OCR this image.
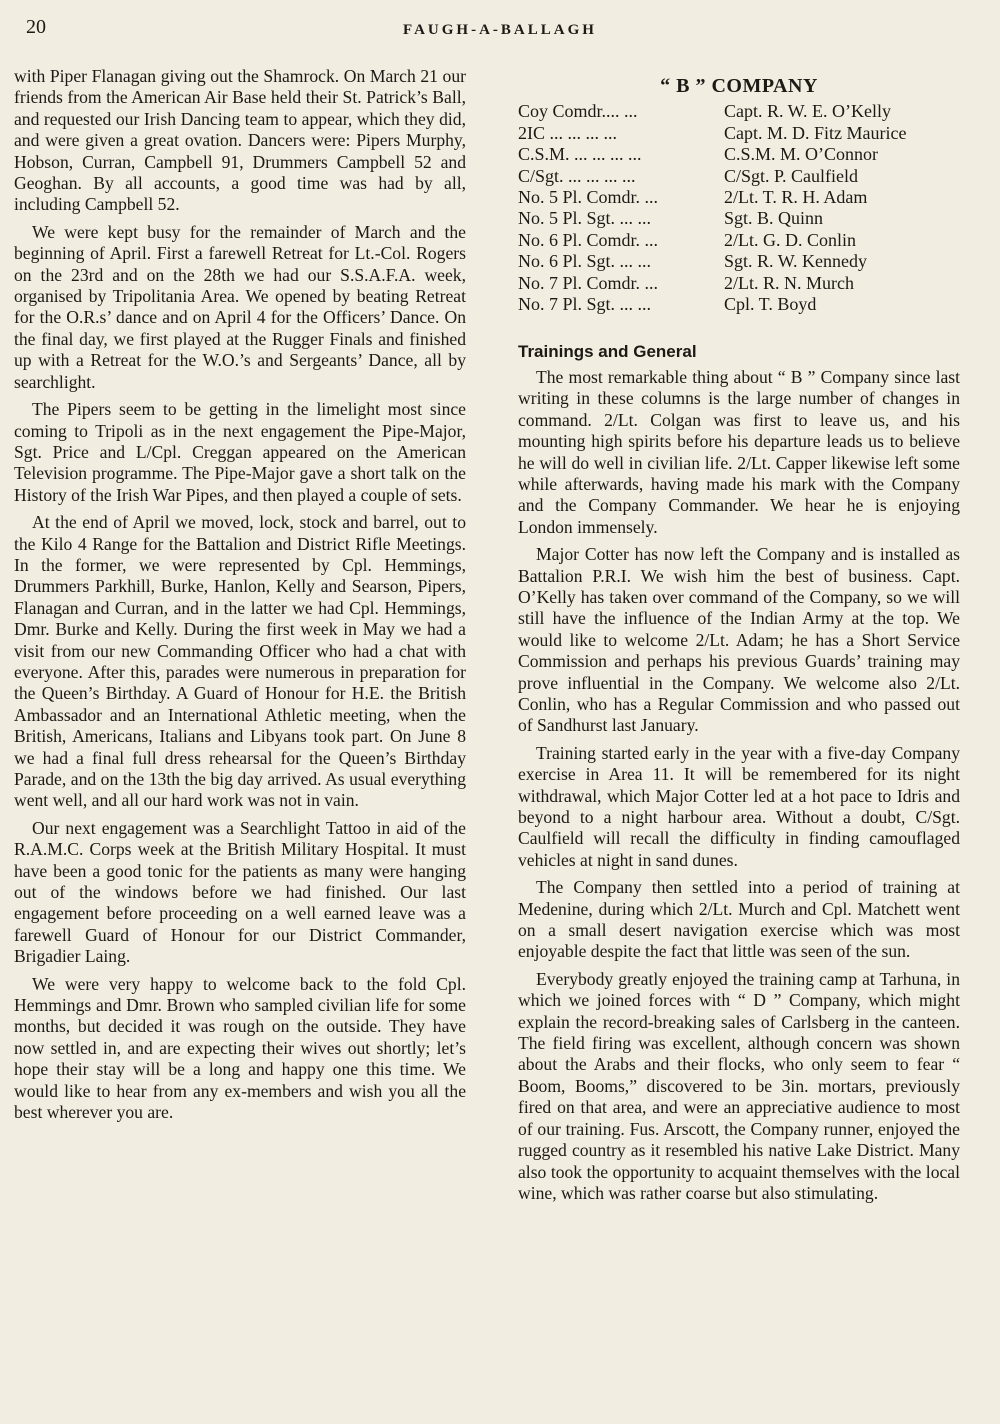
20	FAUGH-A-BALLAGH

with Piper Flanagan giving out the Shamrock. On March 21 our friends from the American Air Base held their St. Patrick’s Ball, and requested our Irish Dancing team to appear, which they did, and were given a great ovation. Dancers were: Pipers Murphy, Hobson, Curran, Campbell 91, Drummers Campbell 52 and Geoghan. By all accounts, a good time was had by all, including Campbell 52.

We were kept busy for the remainder of March and the beginning of April. First a farewell Retreat for Lt.-Col. Rogers on the 23rd and on the 28th we had our S.S.A.F.A. week, organised by Tripolitania Area. We opened by beating Retreat for the O.R.s’ dance and on April 4 for the Officers’ Dance. On the final day, we first played at the Rugger Finals and finished up with a Retreat for the W.O.’s and Sergeants’ Dance, all by searchlight.

The Pipers seem to be getting in the limelight most since coming to Tripoli as in the next engagement the Pipe-Major, Sgt. Price and L/Cpl. Creggan appeared on the American Television programme. The Pipe-Major gave a short talk on the History of the Irish War Pipes, and then played a couple of sets.

At the end of April we moved, lock, stock and barrel, out to the Kilo 4 Range for the Battalion and District Rifle Meetings. In the former, we were represented by Cpl. Hemmings, Drummers Parkhill, Burke, Hanlon, Kelly and Searson, Pipers, Flanagan and Curran, and in the latter we had Cpl. Hemmings, Dmr. Burke and Kelly. During the first week in May we had a visit from our new Commanding Officer who had a chat with everyone. After this, parades were numerous in preparation for the Queen’s Birthday. A Guard of Honour for H.E. the British Ambassador and an International Athletic meeting, when the British, Americans, Italians and Libyans took part. On June 8 we had a final full dress rehearsal for the Queen’s Birthday Parade, and on the 13th the big day arrived. As usual everything went well, and all our hard work was not in vain.

Our next engagement was a Searchlight Tattoo in aid of the R.A.M.C. Corps week at the British Military Hospital. It must have been a good tonic for the patients as many were hanging out of the windows before we had finished. Our last engagement before proceeding on a well earned leave was a farewell Guard of Honour for our District Commander, Brigadier Laing.

We were very happy to welcome back to the fold Cpl. Hemmings and Dmr. Brown who sampled civilian life for some months, but decided it was rough on the outside. They have now settled in, and are expecting their wives out shortly; let’s hope their stay will be a long and happy one this time. We would like to hear from any ex-members and wish you all the best wherever you are.

“ B ” COMPANY
Coy Comdr.... ...	Capt. R. W. E. O’Kelly
2IC ... ... ... ...	Capt. M. D. Fitz Maurice
C.S.M. ... ... ... ...	C.S.M. M. O’Connor
C/Sgt. ... ... ... ...	C/Sgt. P. Caulfield
No. 5 Pl. Comdr. ...	2/Lt. T. R. H. Adam
No. 5 Pl. Sgt. ... ...	Sgt. B. Quinn
No. 6 Pl. Comdr. ...	2/Lt. G. D. Conlin
No. 6 Pl. Sgt. ... ...	Sgt. R. W. Kennedy
No. 7 Pl. Comdr. ...	2/Lt. R. N. Murch
No. 7 Pl. Sgt. ... ...	Cpl. T. Boyd
Trainings and General

The most remarkable thing about “ B ” Company since last writing in these columns is the large number of changes in command. 2/Lt. Colgan was first to leave us, and his mounting high spirits before his departure leads us to believe he will do well in civilian life. 2/Lt. Capper likewise left some while afterwards, having made his mark with the Company and the Company Commander. We hear he is enjoying London immensely.

Major Cotter has now left the Company and is installed as Battalion P.R.I. We wish him the best of business. Capt. O’Kelly has taken over command of the Company, so we will still have the influence of the Indian Army at the top. We would like to welcome 2/Lt. Adam; he has a Short Service Commission and perhaps his previous Guards’ training may prove influential in the Company. We welcome also 2/Lt. Conlin, who has a Regular Commission and who passed out of Sandhurst last January.

Training started early in the year with a five-day Company exercise in Area 11. It will be remembered for its night withdrawal, which Major Cotter led at a hot pace to Idris and beyond to a night harbour area. Without a doubt, C/Sgt. Caulfield will recall the difficulty in finding camouflaged vehicles at night in sand dunes.

The Company then settled into a period of training at Medenine, during which 2/Lt. Murch and Cpl. Matchett went on a small desert navigation exercise which was most enjoyable despite the fact that little was seen of the sun.

Everybody greatly enjoyed the training camp at Tarhuna, in which we joined forces with “ D ” Company, which might explain the record-breaking sales of Carlsberg in the canteen. The field firing was excellent, although concern was shown about the Arabs and their flocks, who only seem to fear “ Boom, Booms,” discovered to be 3in. mortars, previously fired on that area, and were an appreciative audience to most of our training. Fus. Arscott, the Company runner, enjoyed the rugged country as it resembled his native Lake District. Many also took the opportunity to acquaint themselves with the local wine, which was rather coarse but also stimulating.
